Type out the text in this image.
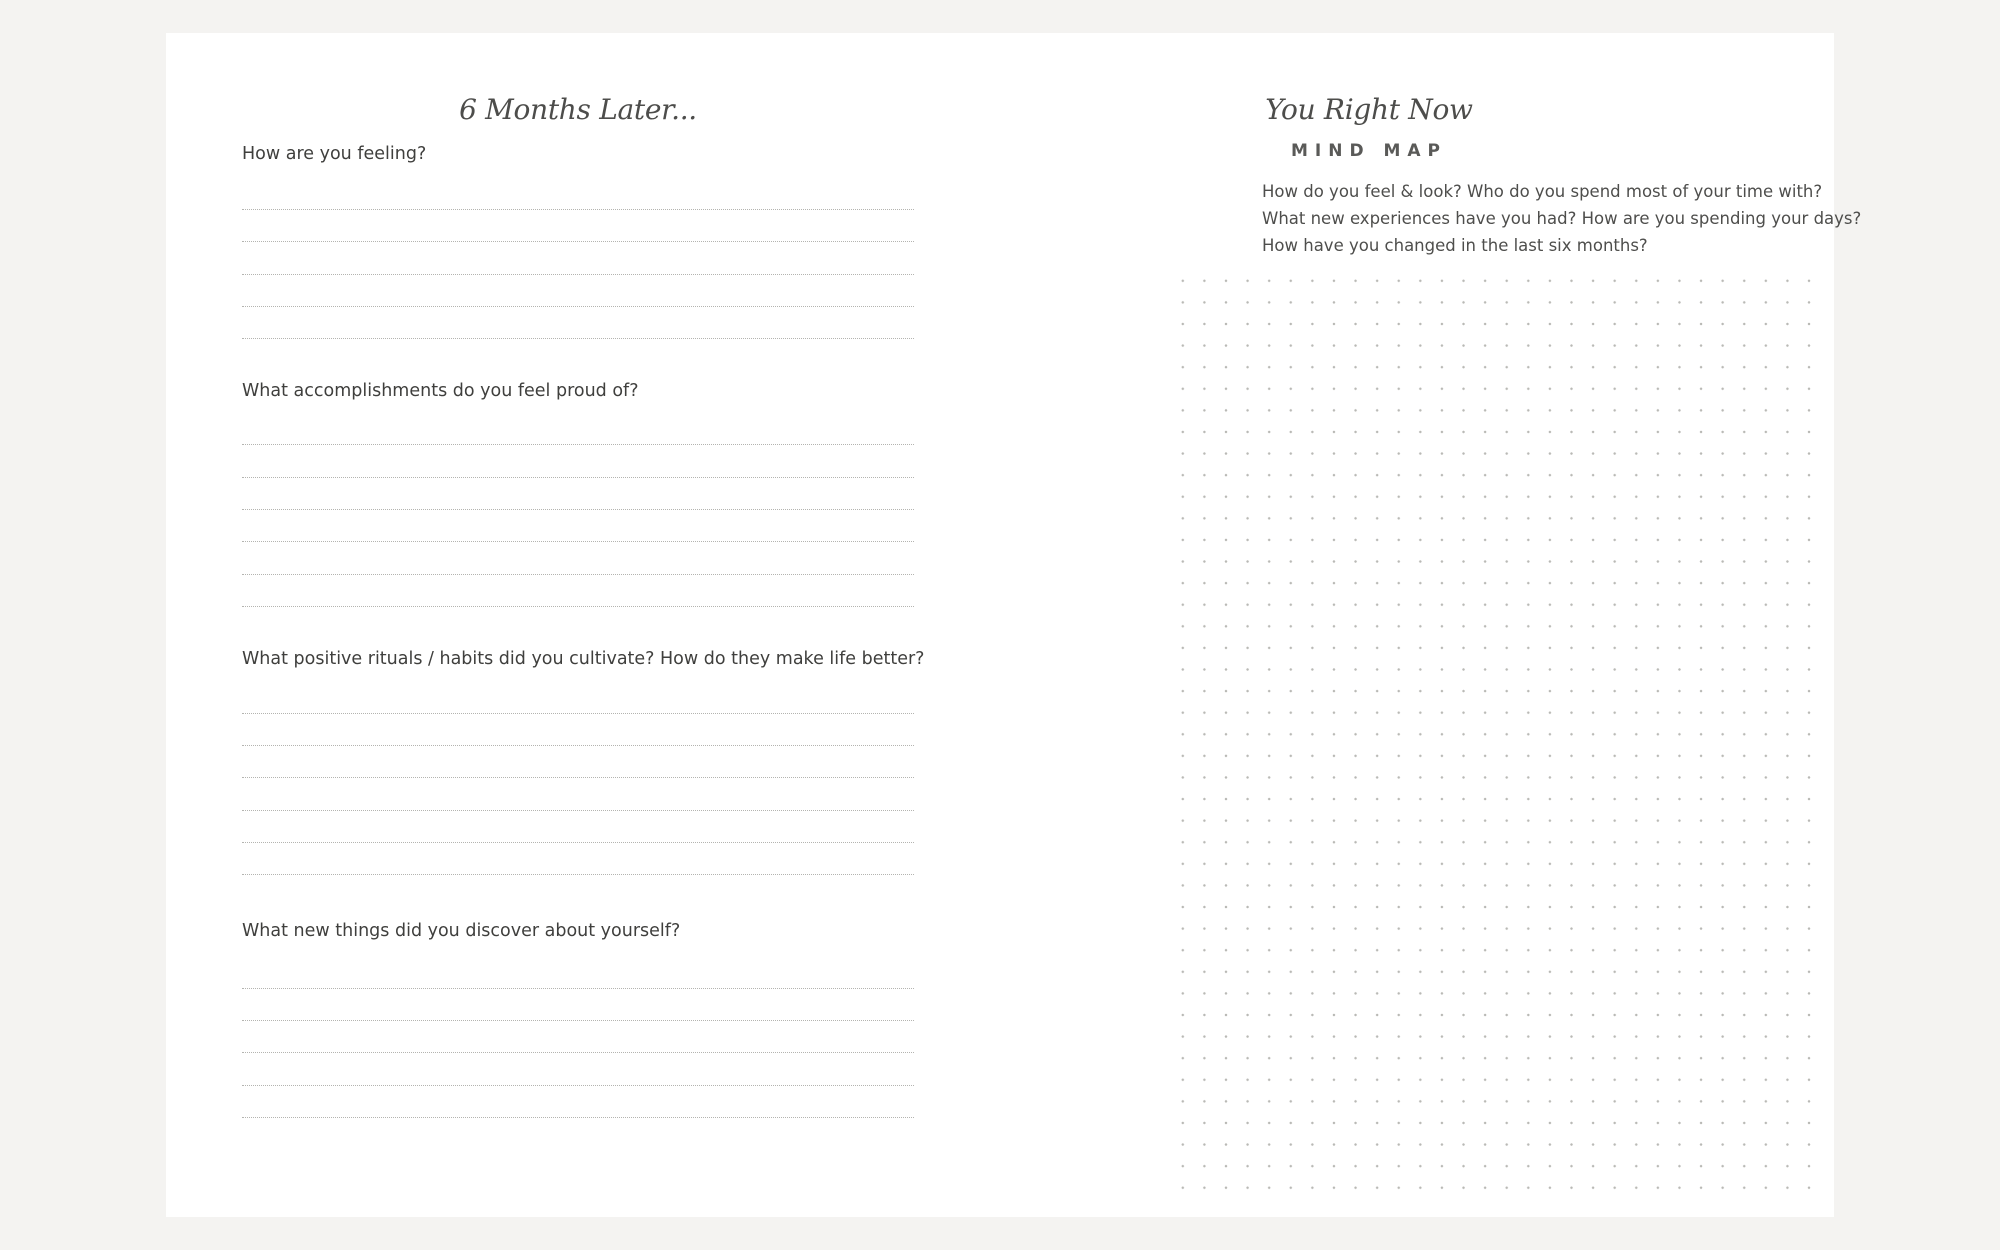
6 Months Later...
How are you feeling?
What accomplishments do you feel proud of?
What positive rituals / habits did you cultivate? How do they make life better?
What new things did you discover about yourself?
You Right Now
MIND MAP
How do you feel & look? Who do you spend most of your time with?
What new experiences have you had? How are you spending your days?
How have you changed in the last six months?
